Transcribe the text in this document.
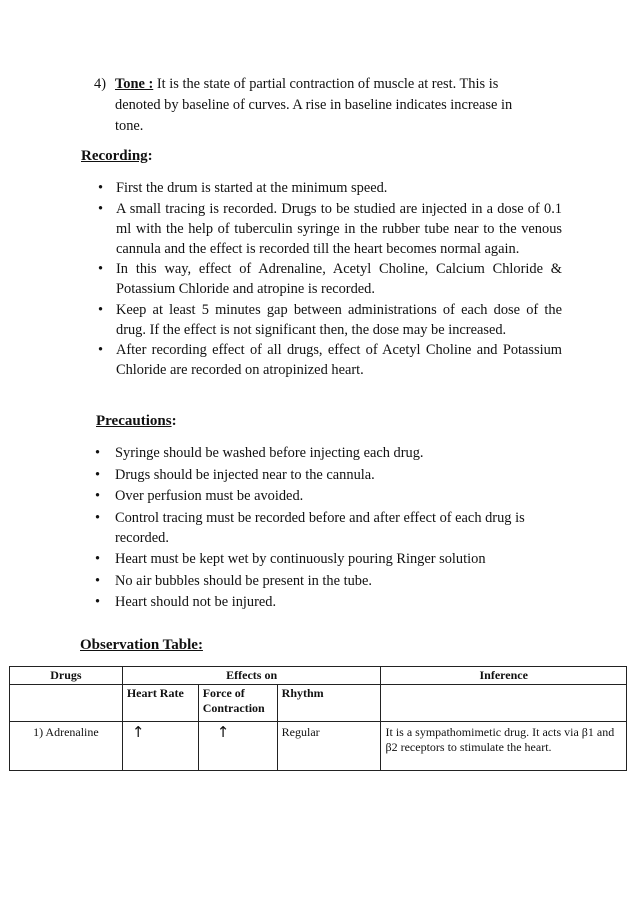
4) Tone : It is the state of partial contraction of muscle at rest. This is
denoted by baseline of curves. A rise in baseline indicates increase in
tone.
Recording:
• First the drum is started at the minimum speed.
• A small tracing is recorded. Drugs to be studied are injected in a dose of 0.1 ml with the help of tuberculin syringe in the rubber tube near to the venous cannula and the effect is recorded till the heart becomes normal again.
• In this way, effect of Adrenaline, Acetyl Choline, Calcium Chloride & Potassium Chloride and atropine is recorded.
• Keep at least 5 minutes gap between administrations of each dose of the drug. If the effect is not significant then, the dose may be increased.
• After recording effect of all drugs, effect of Acetyl Choline and Potassium Chloride are recorded on atropinized heart.
Precautions:
• Syringe should be washed before injecting each drug.
• Drugs should be injected near to the cannula.
• Over perfusion must be avoided.
• Control tracing must be recorded before and after effect of each drug is recorded.
• Heart must be kept wet by continuously pouring Ringer solution
• No air bubbles should be present in the tube.
• Heart should not be injured.
Observation Table:
Drugs	Effects on			Inference
	Heart Rate	Force of
Contraction	Rhythm	
1) Adrenaline	↑	↑	Regular	It is a sympathomimetic drug. It acts via β1 and β2 receptors to stimulate the heart.
